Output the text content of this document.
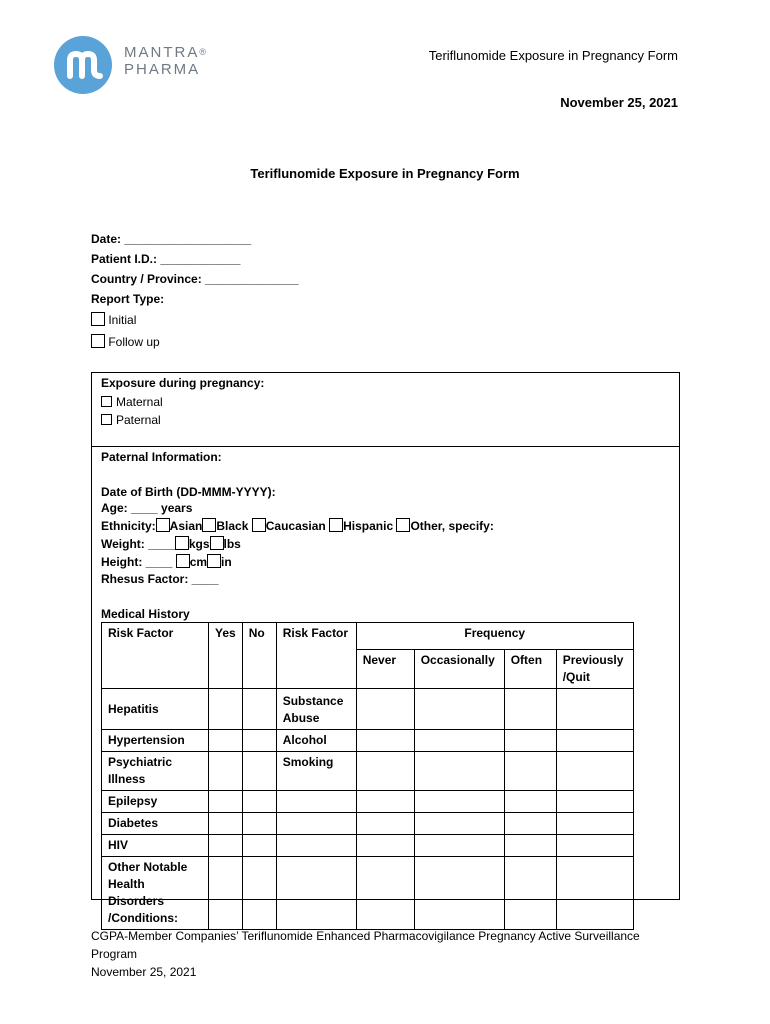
MANTRA®
PHARMA
Teriflunomide Exposure in Pregnancy Form
November 25, 2021
Teriflunomide Exposure in Pregnancy Form
Date: ___________________
Patient I.D.: ____________
Country / Province: ______________
Report Type:
Initial
Follow up
Exposure during pregnancy:
Maternal
Paternal
Paternal Information:
Date of Birth (DD-MMM-YYYY):
Age: ____ years
Ethnicity: Asian Black Caucasian Hispanic Other, specify:
Weight: ____ kgs lbs
Height: ____ cm in
Rhesus Factor: ____
Medical History
Risk Factor	Yes	No	Risk Factor	Frequency			
				Never	Occasionally	Often	Previously /Quit
Hepatitis			Substance Abuse				
Hypertension			Alcohol				
Psychiatric Illness			Smoking				
Epilepsy							
Diabetes							
HIV							
Other Notable Health Disorders /Conditions:							
CGPA-Member Companies’ Teriflunomide Enhanced Pharmacovigilance Pregnancy Active Surveillance
Program
November 25, 2021
